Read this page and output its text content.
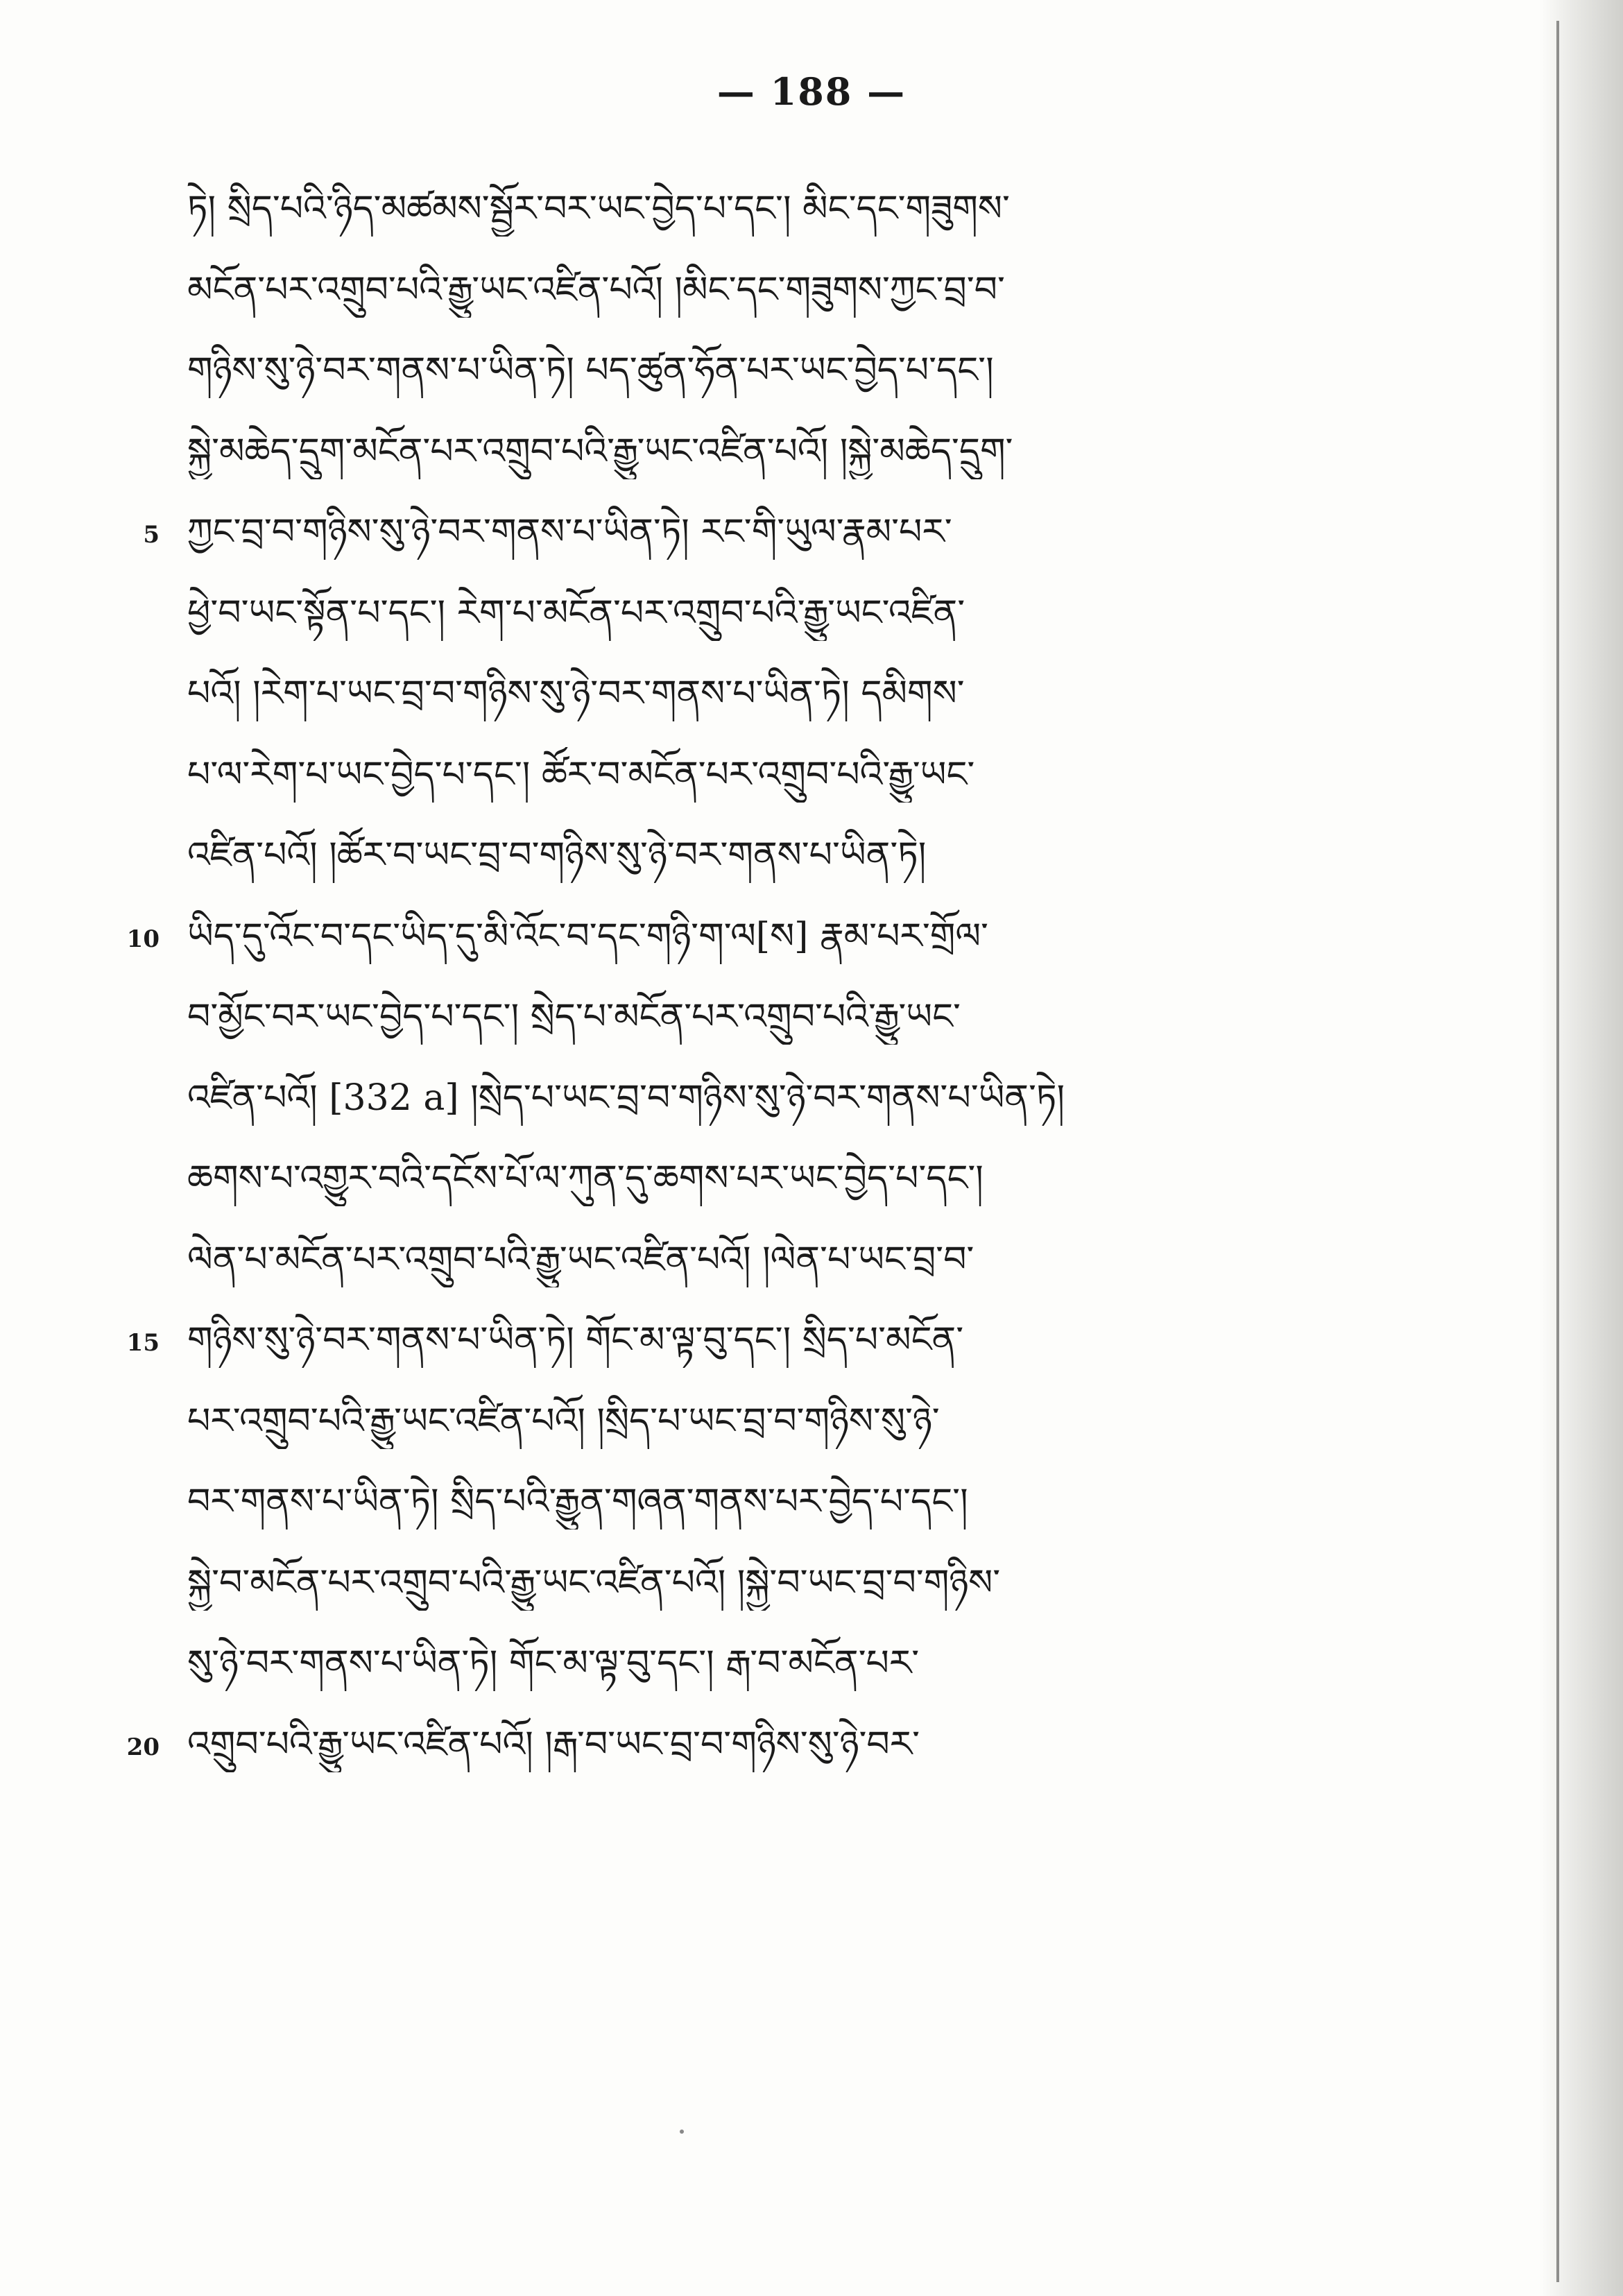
— 188 —
ཏེ། སྲིད་པའི་ཉིད་མཚམས་སྦྱོར་བར་ཡང་བྱེད་པ་དང་། མིང་དང་གཟུགས་
མངོན་པར་འགྲུབ་པའི་རྒྱུ་ཡང་འཛིན་པའོ། །མིང་དང་གཟུགས་ཀྱང་བྲ་བ་
གཉིས་སུ་ཉེ་བར་གནས་པ་ཡིན་ཏེ། པད་ཚུན་ཧོན་པར་ཡང་བྱེད་པ་དང་།
སྐྱེ་མཆེད་དྲུག་མངོན་པར་འགྲུབ་པའི་རྒྱུ་ཡང་འཛིན་པའོ། །སྐྱེ་མཆེད་དྲུག་
5 ཀྱང་བྲ་བ་གཉིས་སུ་ཉེ་བར་གནས་པ་ཡིན་ཏེ། རང་གི་ཡུལ་རྣམ་པར་
ཕྱེ་བ་ཡང་སྟོན་པ་དང་། རེག་པ་མངོན་པར་འགྲུབ་པའི་རྒྱུ་ཡང་འཛིན་
པའོ། །རེག་པ་ཡང་བྲ་བ་གཉིས་སུ་ཉེ་བར་གནས་པ་ཡིན་ཏེ། དམིགས་
པ་ལ་རེག་པ་ཡང་བྱེད་པ་དང་། ཚོར་བ་མངོན་པར་འགྲུབ་པའི་རྒྱུ་ཡང་
འཛིན་པའོ། །ཚོར་བ་ཡང་བྲ་བ་གཉིས་སུ་ཉེ་བར་གནས་པ་ཡིན་ཏེ།
10 ཡིད་དུ་འོང་བ་དང་ཡིད་དུ་མི་འོང་བ་དང་གཉི་ག་ལ[ས] རྣམ་པར་གྲོལ་
བ་མྱོང་བར་ཡང་བྱེད་པ་དང་། སྲེད་པ་མངོན་པར་འགྲུབ་པའི་རྒྱུ་ཡང་
འཛིན་པའོ། [332 a] །སྲེད་པ་ཡང་བྲ་བ་གཉིས་སུ་ཉེ་བར་གནས་པ་ཡིན་ཏེ།
ཆགས་པ་འགྱུར་བའི་དངོས་པོ་ལ་ཀུན་དུ་ཆགས་པར་ཡང་བྱེད་པ་དང་།
ལེན་པ་མངོན་པར་འགྲུབ་པའི་རྒྱུ་ཡང་འཛིན་པའོ། །ལེན་པ་ཡང་བྲ་བ་
15 གཉིས་སུ་ཉེ་བར་གནས་པ་ཡིན་ཏེ། གོང་མ་ལྟ་བུ་དང་། སྲིད་པ་མངོན་
པར་འགྲུབ་པའི་རྒྱུ་ཡང་འཛིན་པའོ། །སྲིད་པ་ཡང་བྲ་བ་གཉིས་སུ་ཉེ་
བར་གནས་པ་ཡིན་ཏེ། སྲིད་པའི་རྒྱུན་གཞན་གནས་པར་བྱེད་པ་དང་།
སྐྱེ་བ་མངོན་པར་འགྲུབ་པའི་རྒྱུ་ཡང་འཛིན་པའོ། །སྐྱེ་བ་ཡང་བྲ་བ་གཉིས་
སུ་ཉེ་བར་གནས་པ་ཡིན་ཏེ། གོང་མ་ལྟ་བུ་དང་། རྒ་བ་མངོན་པར་
20 འགྲུབ་པའི་རྒྱུ་ཡང་འཛིན་པའོ། །རྒ་བ་ཡང་བྲ་བ་གཉིས་སུ་ཉེ་བར་
